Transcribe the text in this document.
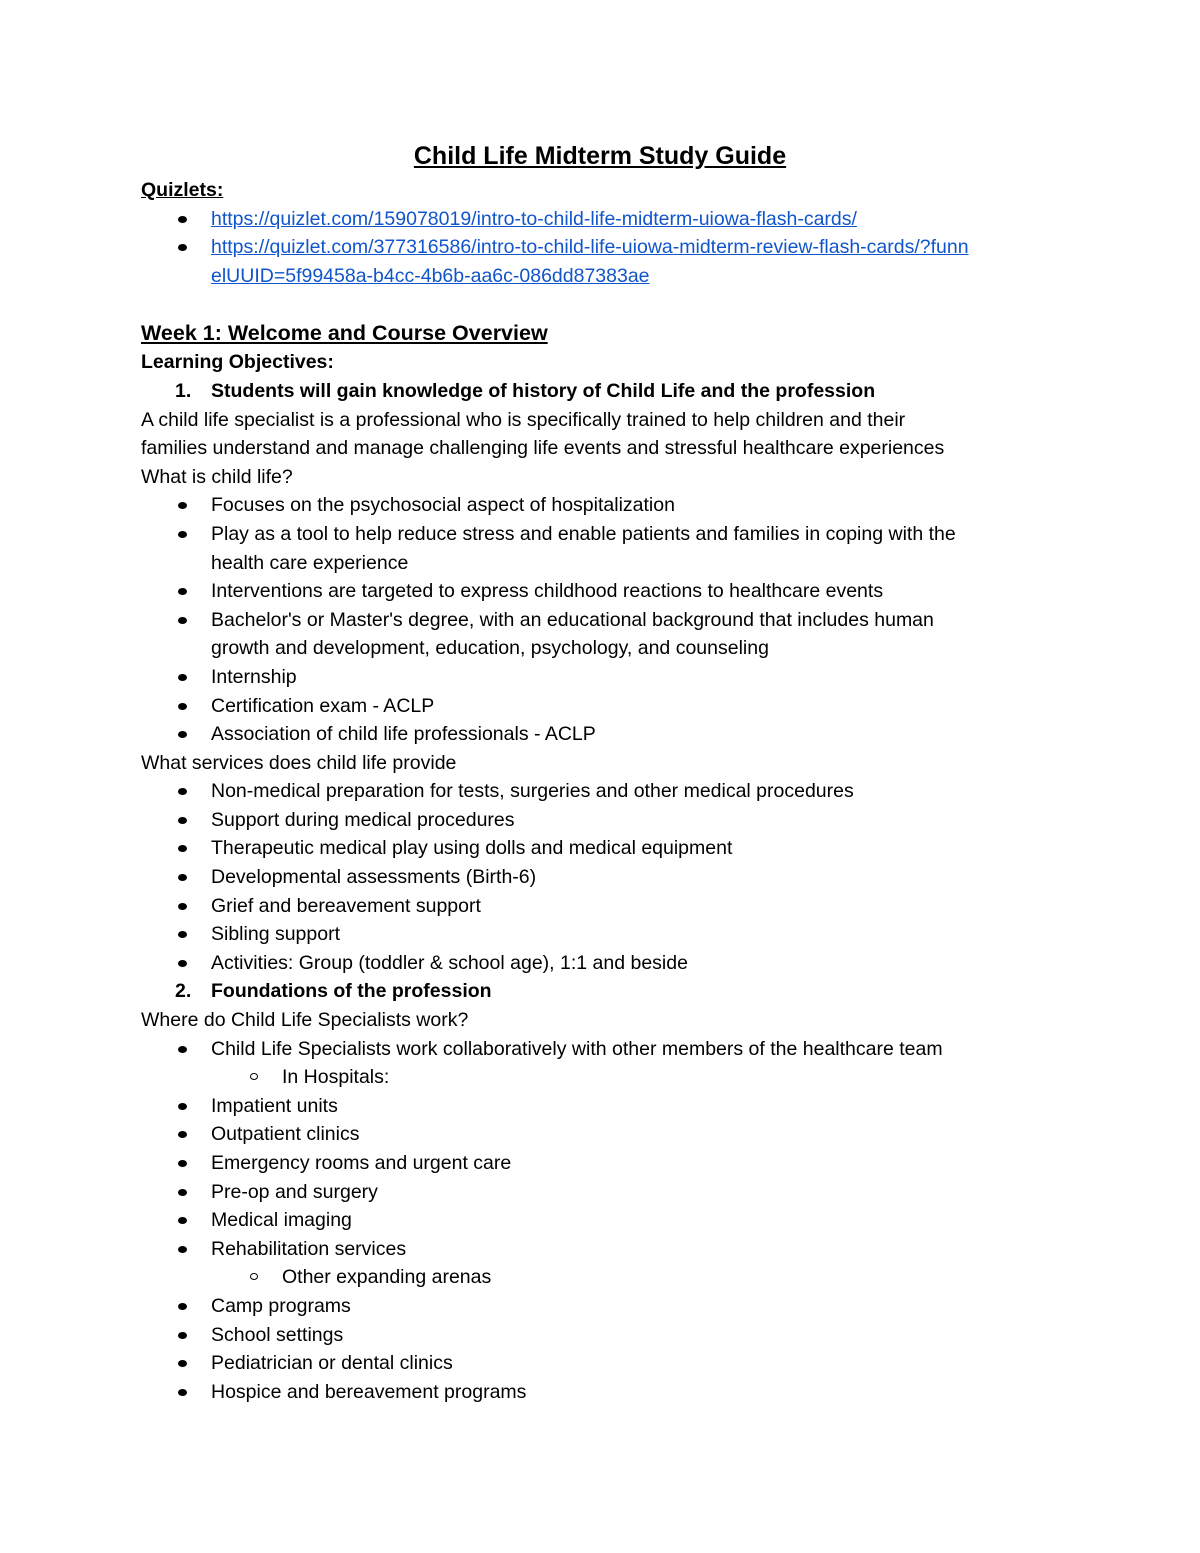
Child Life Midterm Study Guide
Quizlets:
https://quizlet.com/159078019/intro-to-child-life-midterm-uiowa-flash-cards/
https://quizlet.com/377316586/intro-to-child-life-uiowa-midterm-review-flash-cards/?funn
elUUID=5f99458a-b4cc-4b6b-aa6c-086dd87383ae
Week 1: Welcome and Course Overview
Learning Objectives:
1. Students will gain knowledge of history of Child Life and the profession
A child life specialist is a professional who is specifically trained to help children and their
families understand and manage challenging life events and stressful healthcare experiences
What is child life?
Focuses on the psychosocial aspect of hospitalization
Play as a tool to help reduce stress and enable patients and families in coping with the
health care experience
Interventions are targeted to express childhood reactions to healthcare events
Bachelor's or Master's degree, with an educational background that includes human
growth and development, education, psychology, and counseling
Internship
Certification exam - ACLP
Association of child life professionals - ACLP
What services does child life provide
Non-medical preparation for tests, surgeries and other medical procedures
Support during medical procedures
Therapeutic medical play using dolls and medical equipment
Developmental assessments (Birth-6)
Grief and bereavement support
Sibling support
Activities: Group (toddler & school age), 1:1 and beside
2. Foundations of the profession
Where do Child Life Specialists work?
Child Life Specialists work collaboratively with other members of the healthcare team
In Hospitals:
Impatient units
Outpatient clinics
Emergency rooms and urgent care
Pre-op and surgery
Medical imaging
Rehabilitation services
Other expanding arenas
Camp programs
School settings
Pediatrician or dental clinics
Hospice and bereavement programs
